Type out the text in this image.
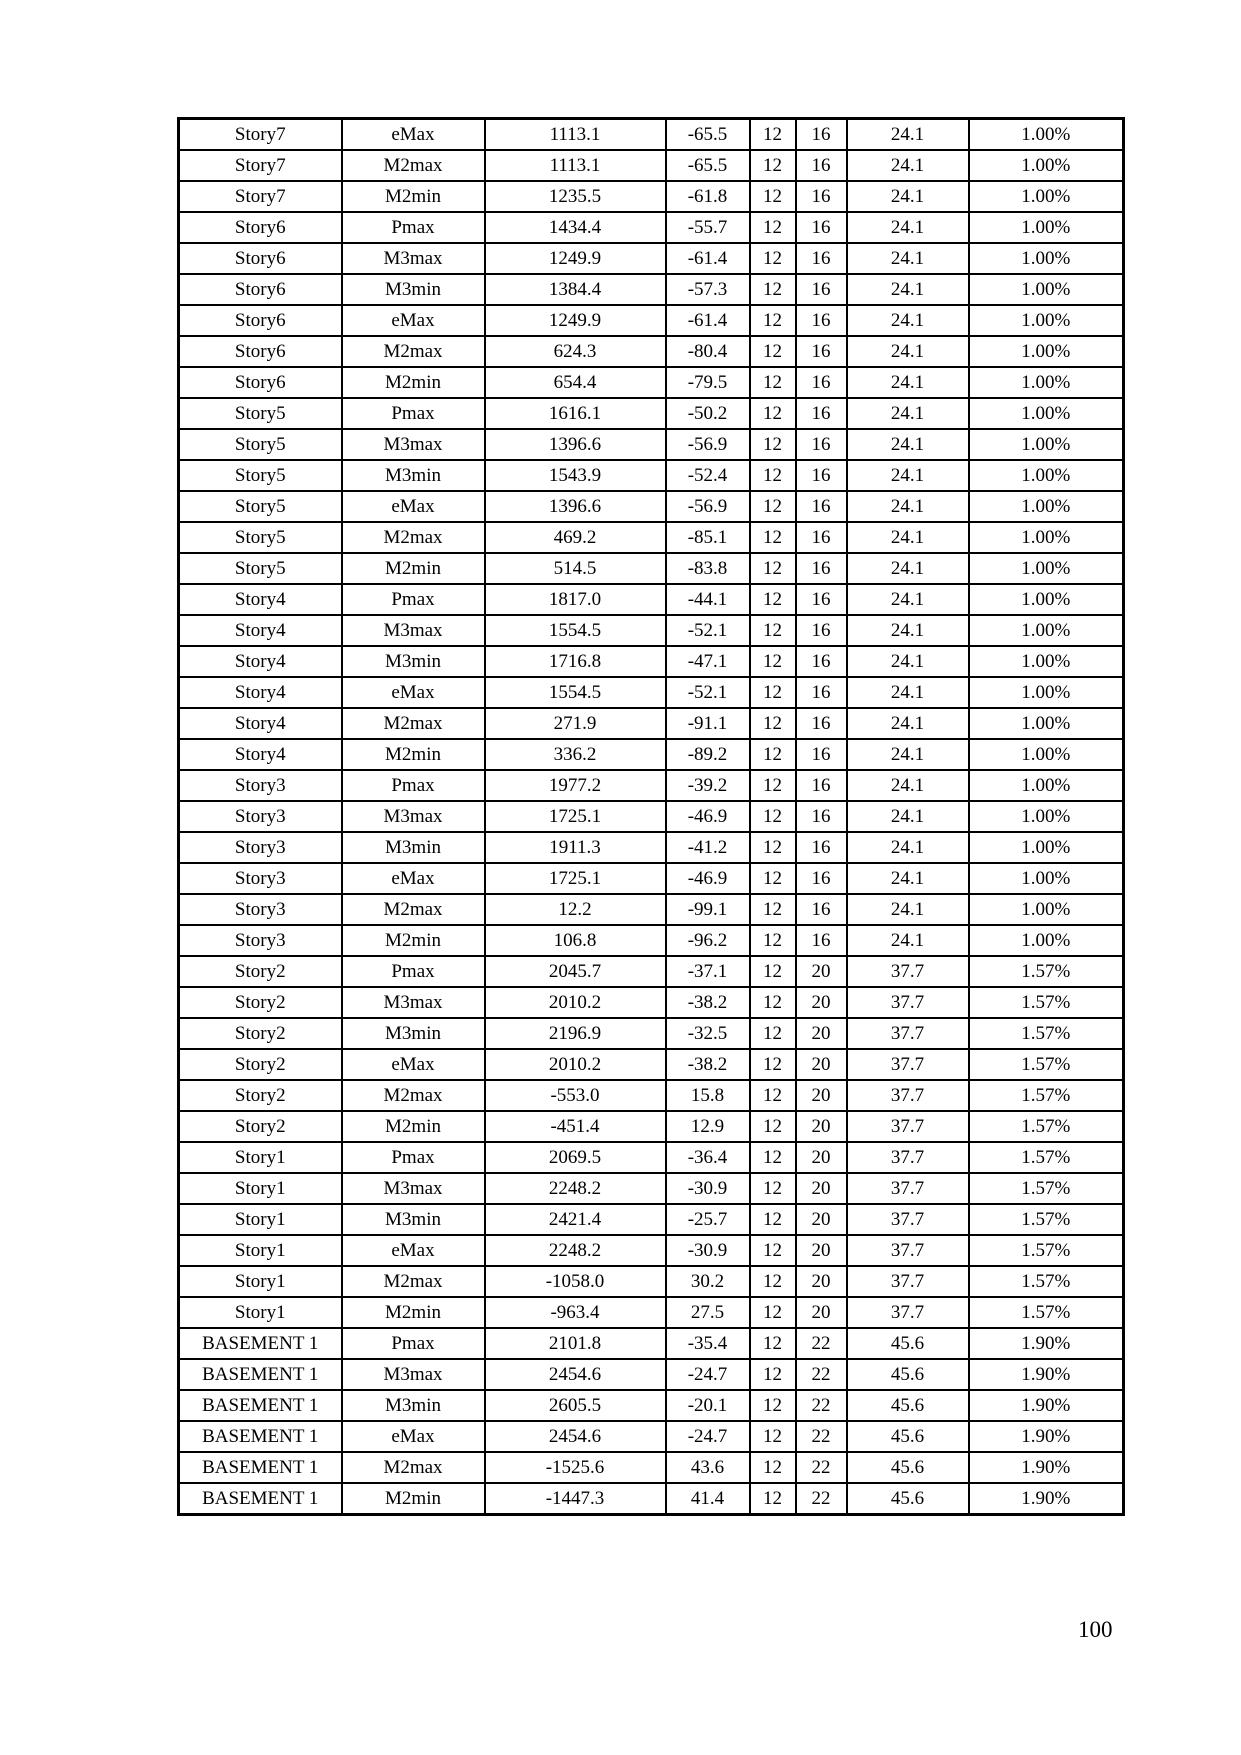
Story7	eMax	1113.1	-65.5	12	16	24.1	1.00%
Story7	M2max	1113.1	-65.5	12	16	24.1	1.00%
Story7	M2min	1235.5	-61.8	12	16	24.1	1.00%
Story6	Pmax	1434.4	-55.7	12	16	24.1	1.00%
Story6	M3max	1249.9	-61.4	12	16	24.1	1.00%
Story6	M3min	1384.4	-57.3	12	16	24.1	1.00%
Story6	eMax	1249.9	-61.4	12	16	24.1	1.00%
Story6	M2max	624.3	-80.4	12	16	24.1	1.00%
Story6	M2min	654.4	-79.5	12	16	24.1	1.00%
Story5	Pmax	1616.1	-50.2	12	16	24.1	1.00%
Story5	M3max	1396.6	-56.9	12	16	24.1	1.00%
Story5	M3min	1543.9	-52.4	12	16	24.1	1.00%
Story5	eMax	1396.6	-56.9	12	16	24.1	1.00%
Story5	M2max	469.2	-85.1	12	16	24.1	1.00%
Story5	M2min	514.5	-83.8	12	16	24.1	1.00%
Story4	Pmax	1817.0	-44.1	12	16	24.1	1.00%
Story4	M3max	1554.5	-52.1	12	16	24.1	1.00%
Story4	M3min	1716.8	-47.1	12	16	24.1	1.00%
Story4	eMax	1554.5	-52.1	12	16	24.1	1.00%
Story4	M2max	271.9	-91.1	12	16	24.1	1.00%
Story4	M2min	336.2	-89.2	12	16	24.1	1.00%
Story3	Pmax	1977.2	-39.2	12	16	24.1	1.00%
Story3	M3max	1725.1	-46.9	12	16	24.1	1.00%
Story3	M3min	1911.3	-41.2	12	16	24.1	1.00%
Story3	eMax	1725.1	-46.9	12	16	24.1	1.00%
Story3	M2max	12.2	-99.1	12	16	24.1	1.00%
Story3	M2min	106.8	-96.2	12	16	24.1	1.00%
Story2	Pmax	2045.7	-37.1	12	20	37.7	1.57%
Story2	M3max	2010.2	-38.2	12	20	37.7	1.57%
Story2	M3min	2196.9	-32.5	12	20	37.7	1.57%
Story2	eMax	2010.2	-38.2	12	20	37.7	1.57%
Story2	M2max	-553.0	15.8	12	20	37.7	1.57%
Story2	M2min	-451.4	12.9	12	20	37.7	1.57%
Story1	Pmax	2069.5	-36.4	12	20	37.7	1.57%
Story1	M3max	2248.2	-30.9	12	20	37.7	1.57%
Story1	M3min	2421.4	-25.7	12	20	37.7	1.57%
Story1	eMax	2248.2	-30.9	12	20	37.7	1.57%
Story1	M2max	-1058.0	30.2	12	20	37.7	1.57%
Story1	M2min	-963.4	27.5	12	20	37.7	1.57%
BASEMENT 1	Pmax	2101.8	-35.4	12	22	45.6	1.90%
BASEMENT 1	M3max	2454.6	-24.7	12	22	45.6	1.90%
BASEMENT 1	M3min	2605.5	-20.1	12	22	45.6	1.90%
BASEMENT 1	eMax	2454.6	-24.7	12	22	45.6	1.90%
BASEMENT 1	M2max	-1525.6	43.6	12	22	45.6	1.90%
BASEMENT 1	M2min	-1447.3	41.4	12	22	45.6	1.90%
100
